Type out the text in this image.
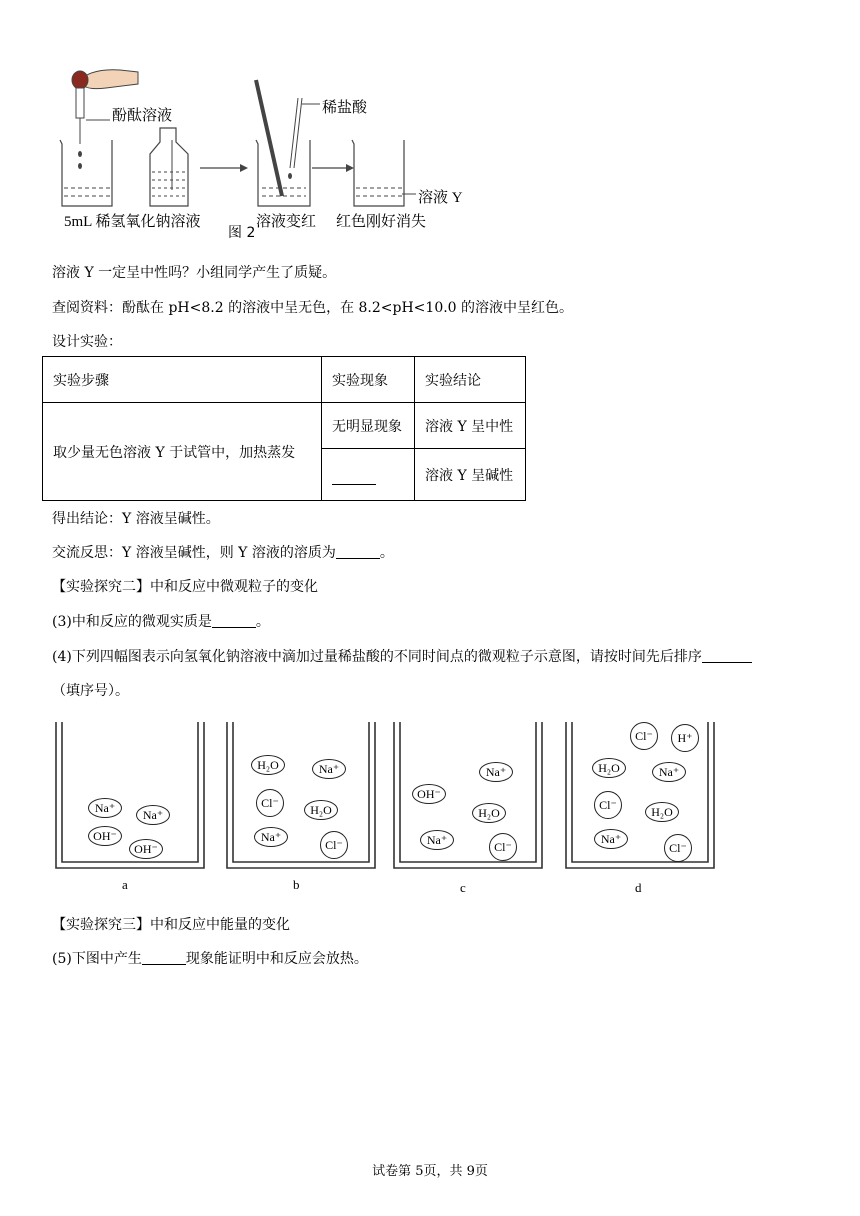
酚酞溶液	稀盐酸
5mL 稀氢氧化钠溶液	溶液变红 红色刚好消失
溶液 Y
图 2
溶液 Y 一定呈中性吗？小组同学产生了质疑。
查阅资料：酚酞在 pH<8.2 的溶液中呈无色，在 8.2<pH<10.0 的溶液中呈红色。
设计实验：
实验步骤	实验现象	实验结论
取少量无色溶液 Y 于试管中，加热蒸发	无明显现象	溶液 Y 呈中性
		溶液 Y 呈碱性
得出结论：Y 溶液呈碱性。
交流反思：Y 溶液呈碱性，则 Y 溶液的溶质为	。
【实验探究二】中和反应中微观粒子的变化
(3)中和反应的微观实质是	。
(4)下列四幅图表示向氢氧化钠溶液中滴加过量稀盐酸的不同时间点的微观粒子示意图，请按时间先后排序
（填序号）。
Na⁺	Na⁺
OH⁻
OH⁻
a
H₂O	Na⁺
Cl⁻	H₂O
Na⁺
Cl⁻
b
OH⁻
Na⁺
H₂O
Na⁺	Cl⁻
c
Cl⁻	H⁺
H₂O	Na⁺
Cl⁻	H₂O
Na⁺
Cl⁻
d
【实验探究三】中和反应中能量的变化
(5)下图中产生	现象能证明中和反应会放热。
试卷第 5页，共 9页
